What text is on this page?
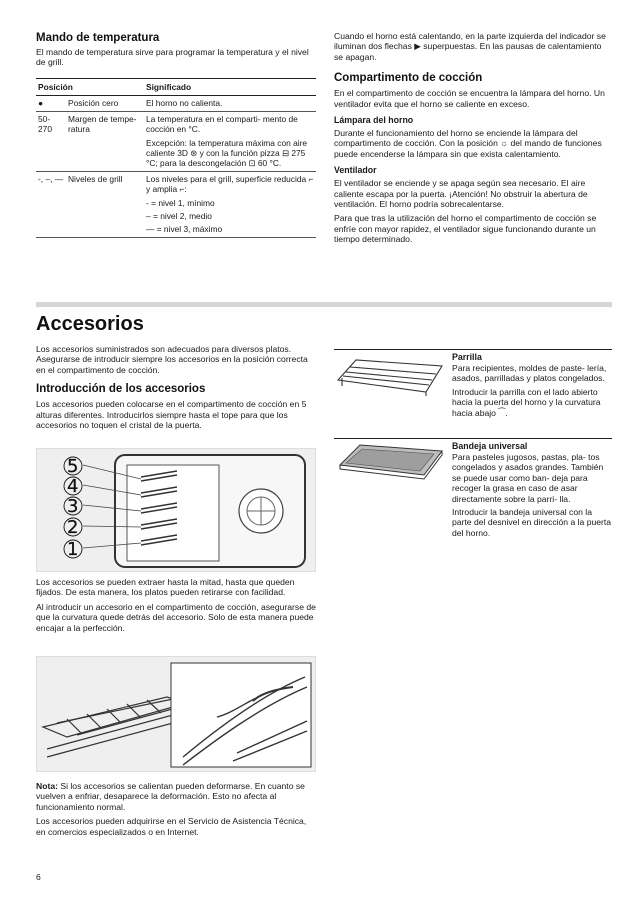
Mando de temperatura

El mando de temperatura sirve para programar la temperatura y el nivel de grill.

Posición		Significado
●	Posición cero	El horno no calienta.

50-270	Margen de tempe- ratura	La temperatura en el comparti- mento de cocción en °C.
Excepción: la temperatura máxima con aire caliente 3D ⊛ y con la función pizza ⊟ 275 °C; para la descongelación ⊡ 60 °C.

-, ‒, —	Niveles de grill	Los niveles para el grill, superficie reducida ⌐ y amplia ⌐:
- = nivel 1, mínimo
‒ = nivel 2, medio
— = nivel 3, máximo

Cuando el horno está calentando, en la parte izquierda del indicador se iluminan dos flechas ▶ superpuestas. En las pausas de calentamiento se apagan.

Compartimento de cocción

En el compartimento de cocción se encuentra la lámpara del horno. Un ventilador evita que el horno se caliente en exceso.

Lámpara del horno

Durante el funcionamiento del horno se enciende la lámpara del compartimento de cocción. Con la posición ☼ del mando de funciones puede encenderse la lámpara sin que exista calentamiento.

Ventilador

El ventilador se enciende y se apaga según sea necesario. El aire caliente escapa por la puerta. ¡Atención! No obstruir la abertura de ventilación. El horno podría sobrecalentarse.

Para que tras la utilización del horno el compartimento de cocción se enfríe con mayor rapidez, el ventilador sigue funcionando durante un tiempo determinado.

Accesorios

Los accesorios suministrados son adecuados para diversos platos. Asegurarse de introducir siempre los accesorios en la posición correcta en el compartimento de cocción.

Introducción de los accesorios

Los accesorios pueden colocarse en el compartimento de cocción en 5 alturas diferentes. Introducirlos siempre hasta el tope para que los accesorios no toquen el cristal de la puerta.

5
4
3
2
1

Los accesorios se pueden extraer hasta la mitad, hasta que queden fijados. De esta manera, los platos pueden retirarse con facilidad.

Al introducir un accesorio en el compartimento de cocción, asegurarse de que la curvatura quede detrás del accesorio. Solo de esta manera puede encajar a la perfección.

Nota: Si los accesorios se calientan pueden deformarse. En cuanto se vuelven a enfriar, desaparece la deformación. Esto no afecta al funcionamiento normal.

Los accesorios pueden adquirirse en el Servicio de Asistencia Técnica, en comercios especializados o en Internet.

Parrilla

Para recipientes, moldes de paste- lería, asados, parrilladas y platos congelados.

Introducir la parrilla con el lado abierto hacia la puerta del horno y la curvatura hacia abajo ⁀.

Bandeja universal

Para pasteles jugosos, pastas, pla- tos congelados y asados grandes. También se puede usar como ban- deja para recoger la grasa en caso de asar directamente sobre la parri- lla.

Introducir la bandeja universal con la parte del desnivel en dirección a la puerta del horno.

6
